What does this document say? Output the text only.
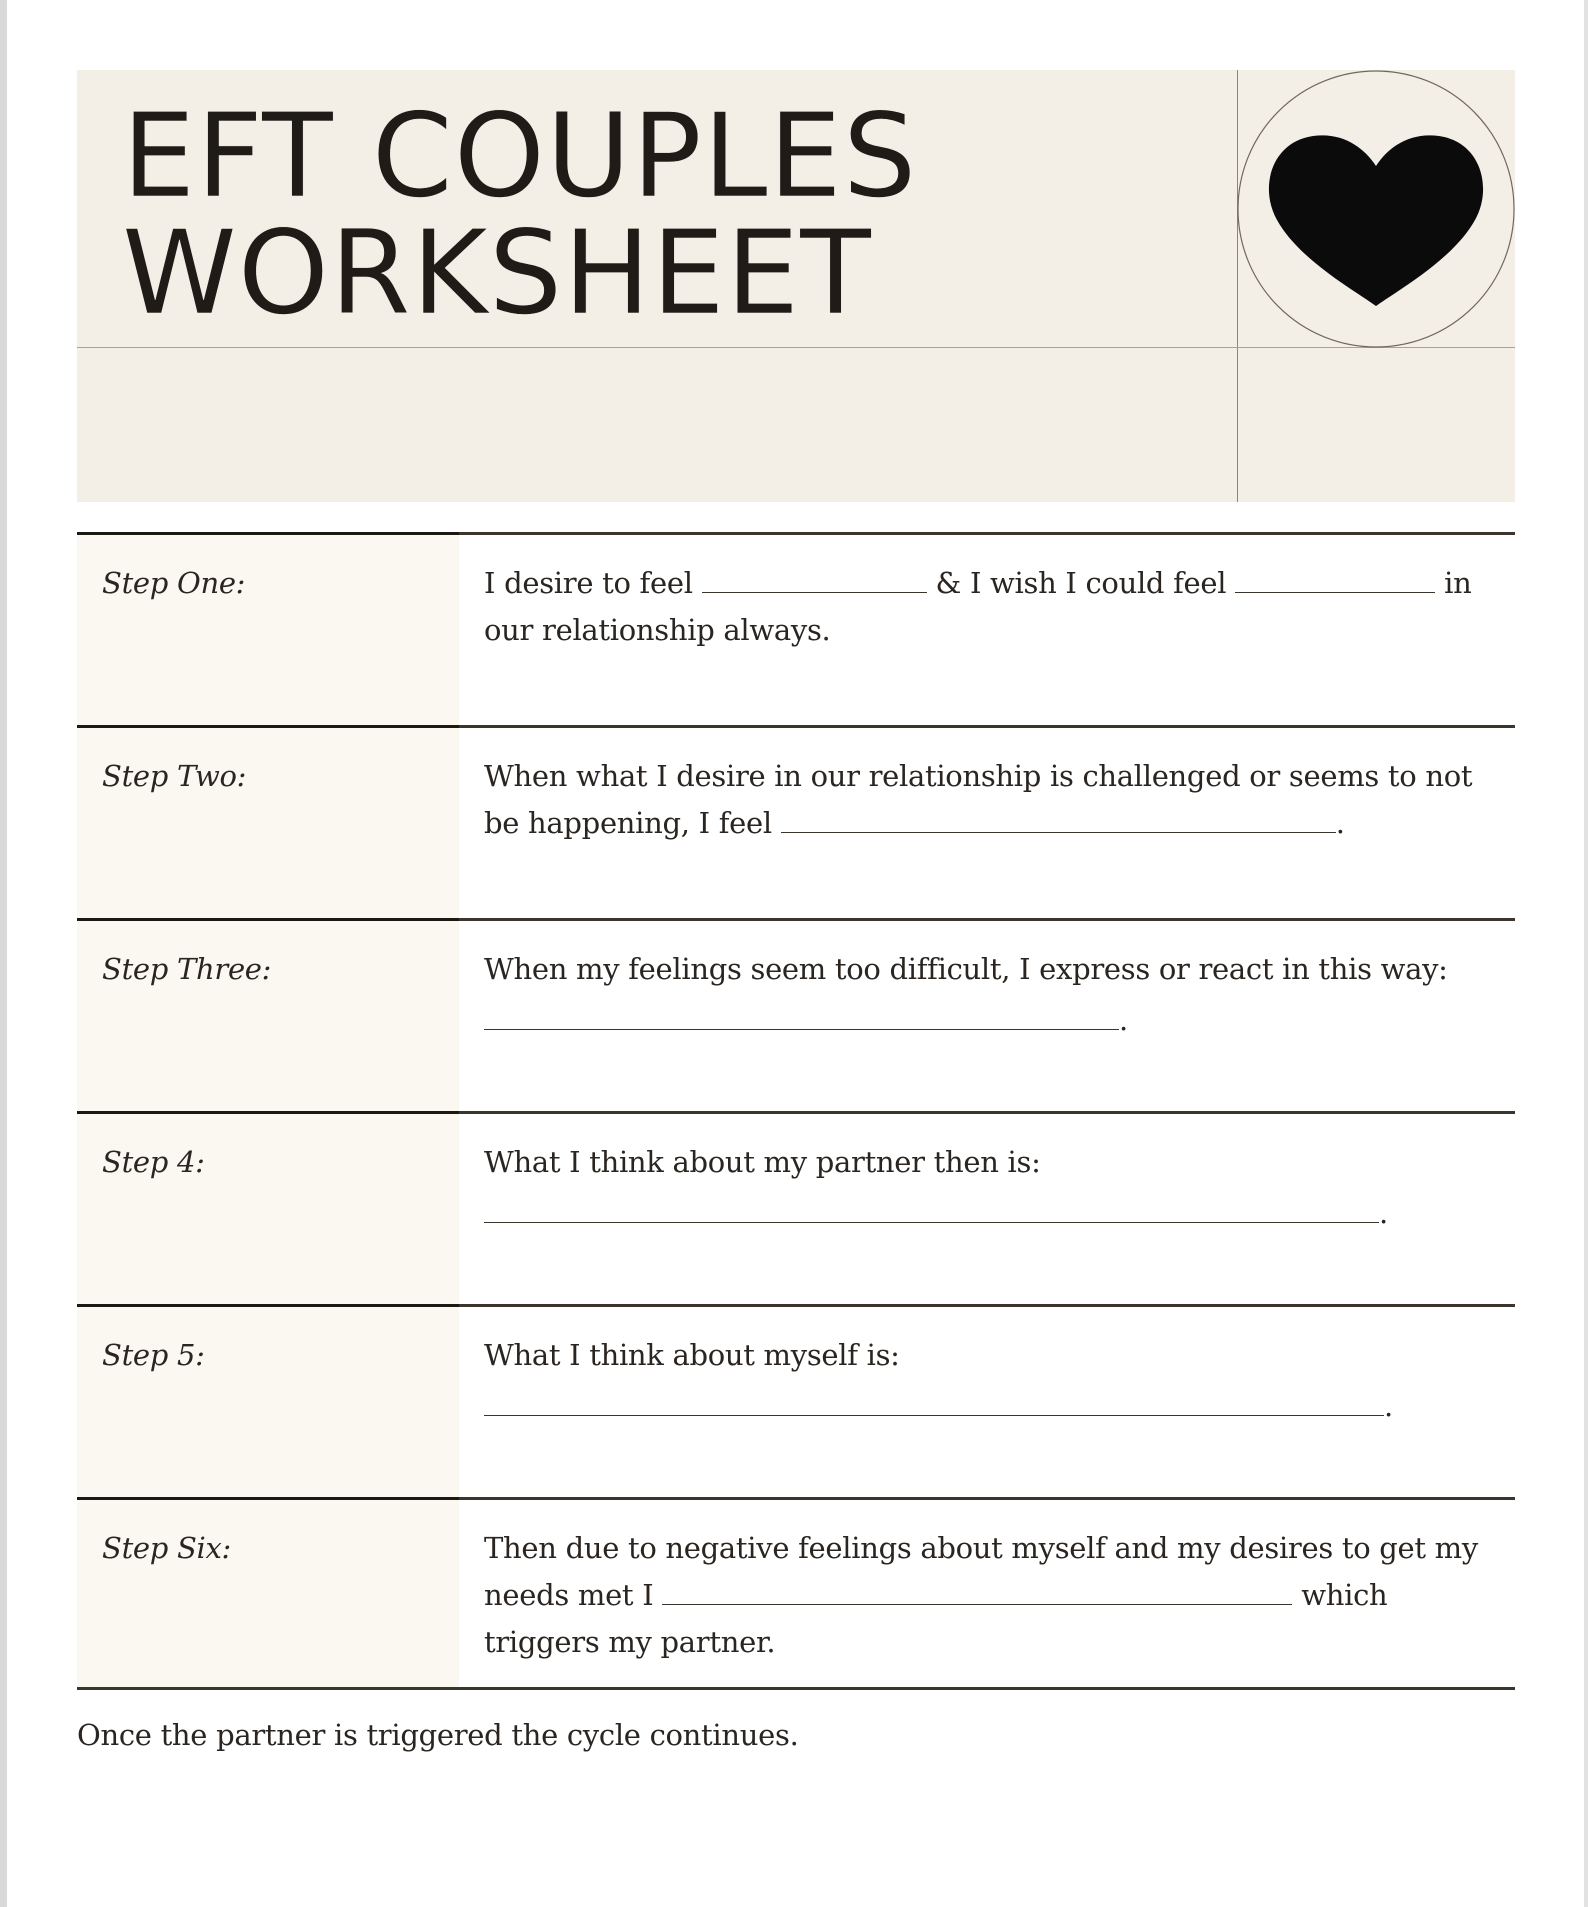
EFT COUPLES
WORKSHEET
Step One:	I desire to feel	& I wish I could feel	in our relationship always.
Step Two:	When what I desire in our relationship is challenged or seems to not be happening, I feel	.
Step Three:	When my feelings seem too difficult, I express or react in this way:
.
Step 4:	What I think about my partner then is:
.
Step 5:	What I think about myself is:
.
Step Six:	Then due to negative feelings about myself and my desires to get my needs met I	which triggers my partner.

Once the partner is triggered the cycle continues.
